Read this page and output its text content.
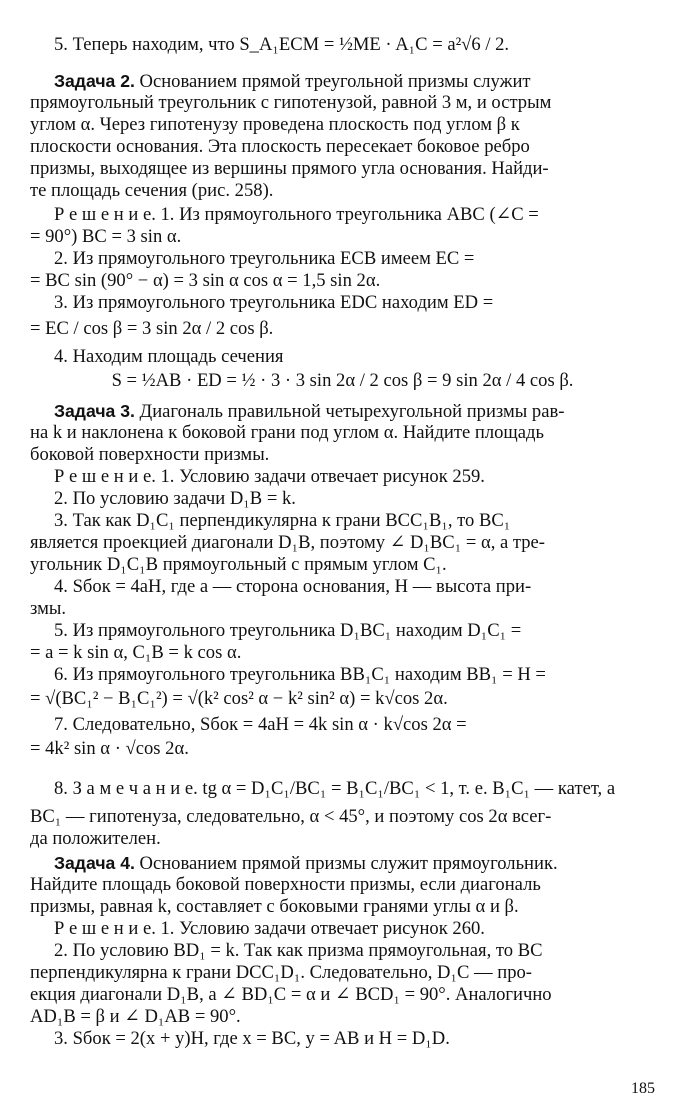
5. Теперь находим, что S_A₁ECM = ½ME · A₁C = a²√6 / 2.

Задача 2. Основанием прямой треугольной призмы служит

прямоугольный треугольник с гипотенузой, равной 3 м, и острым

углом α. Через гипотенузу проведена плоскость под углом β к

плоскости основания. Эта плоскость пересекает боковое ребро

призмы, выходящее из вершины прямого угла основания. Найди-

те площадь сечения (рис. 258).

Р е ш е н и е. 1. Из прямоугольного треугольника ABC (∠C =

= 90°) BC = 3 sin α.

2. Из прямоугольного треугольника ECB имеем EC =

= BC sin (90° − α) = 3 sin α cos α = 1,5 sin 2α.

3. Из прямоугольного треугольника EDC находим ED =

= EC / cos β = 3 sin 2α / 2 cos β.

4. Находим площадь сечения

S = ½AB · ED = ½ · 3 · 3 sin 2α / 2 cos β = 9 sin 2α / 4 cos β.

Задача 3. Диагональ правильной четырехугольной призмы рав-

на k и наклонена к боковой грани под углом α. Найдите площадь

боковой поверхности призмы.

Р е ш е н и е. 1. Условию задачи отвечает рисунок 259.

2. По условию задачи D₁B = k.

3. Так как D₁C₁ перпендикулярна к грани BCC₁B₁, то BC₁

является проекцией диагонали D₁B, поэтому ∠ D₁BC₁ = α, а тре-

угольник D₁C₁B прямоугольный с прямым углом C₁.

4. Sбок = 4aH, где a — сторона основания, H — высота при-

змы.

5. Из прямоугольного треугольника D₁BC₁ находим D₁C₁ =

= a = k sin α, C₁B = k cos α.

6. Из прямоугольного треугольника BB₁C₁ находим BB₁ = H =

= √(BC₁² − B₁C₁²) = √(k² cos² α − k² sin² α) = k√cos 2α.

7. Следовательно, Sбок = 4aH = 4k sin α · k√cos 2α =

= 4k² sin α · √cos 2α.

8. З а м е ч а н и е. tg α = D₁C₁/BC₁ = B₁C₁/BC₁ < 1, т. е. B₁C₁ — катет, а

BC₁ — гипотенуза, следовательно, α < 45°, и поэтому cos 2α всег-

да положителен.

Задача 4. Основанием прямой призмы служит прямоугольник.

Найдите площадь боковой поверхности призмы, если диагональ

призмы, равная k, составляет с боковыми гранями углы α и β.

Р е ш е н и е. 1. Условию задачи отвечает рисунок 260.

2. По условию BD₁ = k. Так как призма прямоугольная, то BC

перпендикулярна к грани DCC₁D₁. Следовательно, D₁C — про-

екция диагонали D₁B, а ∠ BD₁C = α и ∠ BCD₁ = 90°. Аналогично

AD₁B = β и ∠ D₁AB = 90°.

3. Sбок = 2(x + y)H, где x = BC, y = AB и H = D₁D.

185
